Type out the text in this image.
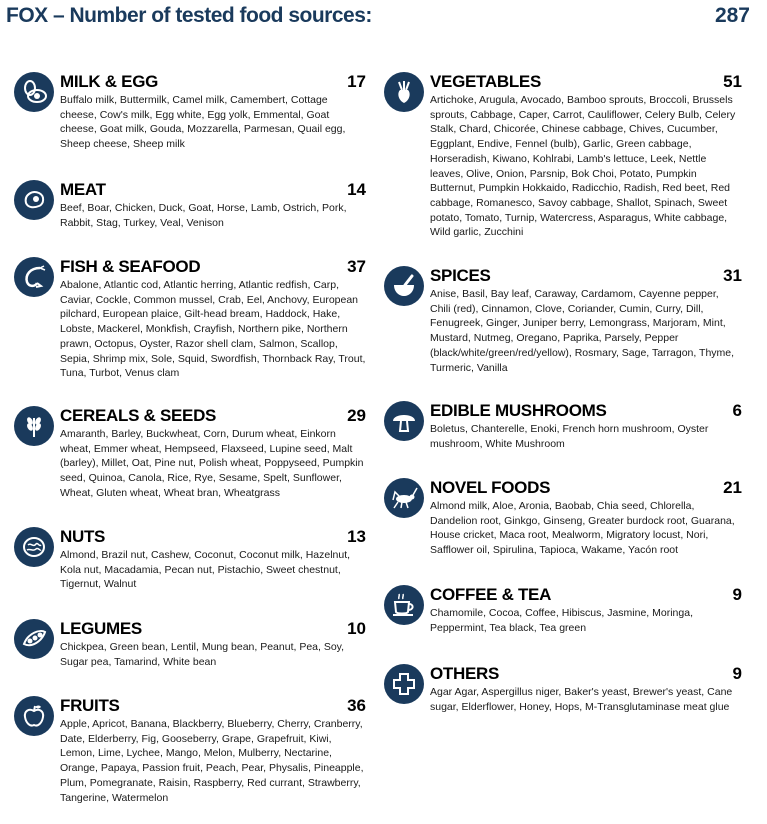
FOX – Number of tested food sources:	287
MILK & EGG	17
Buffalo milk, Buttermilk, Camel milk, Camembert, Cottage cheese, Cow's milk, Egg white, Egg yolk, Emmental, Goat cheese, Goat milk, Gouda, Mozzarella, Parmesan, Quail egg, Sheep cheese, Sheep milk
MEAT	14
Beef, Boar, Chicken, Duck, Goat, Horse, Lamb, Ostrich, Pork, Rabbit, Stag, Turkey, Veal, Venison
FISH & SEAFOOD	37
Abalone, Atlantic cod, Atlantic herring, Atlantic redfish, Carp, Caviar, Cockle, Common mussel, Crab, Eel, Anchovy, European pilchard, European plaice, Gilt-head bream, Haddock, Hake, Lobste, Mackerel, Monkfish, Crayfish, Northern pike, Northern prawn, Octopus, Oyster, Razor shell clam, Salmon, Scallop, Sepia, Shrimp mix, Sole, Squid, Swordfish, Thornback Ray, Trout, Tuna, Turbot, Venus clam
CEREALS & SEEDS	29
Amaranth, Barley, Buckwheat, Corn, Durum wheat, Einkorn wheat, Emmer wheat, Hempseed, Flaxseed, Lupine seed, Malt (barley), Millet, Oat, Pine nut, Polish wheat, Poppyseed, Pumpkin seed, Quinoa, Canola, Rice, Rye, Sesame, Spelt, Sunflower, Wheat, Gluten wheat, Wheat bran, Wheatgrass
NUTS	13
Almond, Brazil nut, Cashew, Coconut, Coconut milk, Hazelnut, Kola nut, Macadamia, Pecan nut, Pistachio, Sweet chestnut, Tigernut, Walnut
LEGUMES	10
Chickpea, Green bean, Lentil, Mung bean, Peanut, Pea, Soy, Sugar pea, Tamarind, White bean
FRUITS	36
Apple, Apricot, Banana, Blackberry, Blueberry, Cherry, Cranberry, Date, Elderberry, Fig, Gooseberry, Grape, Grapefruit, Kiwi, Lemon, Lime, Lychee, Mango, Melon, Mulberry, Nectarine, Orange, Papaya, Passion fruit, Peach, Pear, Physalis, Pineapple, Plum, Pomegranate, Raisin, Raspberry, Red currant, Strawberry, Tangerine, Watermelon
VEGETABLES	51
Artichoke, Arugula, Avocado, Bamboo sprouts, Broccoli, Brussels sprouts, Cabbage, Caper, Carrot, Cauliflower, Celery Bulb, Celery Stalk, Chard, Chicorée, Chinese cabbage, Chives, Cucumber, Eggplant, Endive, Fennel (bulb), Garlic, Green cabbage, Horseradish, Kiwano, Kohlrabi, Lamb's lettuce, Leek, Nettle leaves, Olive, Onion, Parsnip, Bok Choi, Potato, Pumpkin Butternut, Pumpkin Hokkaido, Radicchio, Radish, Red beet, Red cabbage, Romanesco, Savoy cabbage, Shallot, Spinach, Sweet potato, Tomato, Turnip, Watercress, Asparagus, White cabbage, Wild garlic, Zucchini
SPICES	31
Anise, Basil, Bay leaf, Caraway, Cardamom, Cayenne pepper, Chili (red), Cinnamon, Clove, Coriander, Cumin, Curry, Dill, Fenugreek, Ginger, Juniper berry, Lemongrass, Marjoram, Mint, Mustard, Nutmeg, Oregano, Paprika, Parsely, Pepper (black/white/green/red/yellow), Rosmary, Sage, Tarragon, Thyme, Turmeric, Vanilla
EDIBLE MUSHROOMS	6
Boletus, Chanterelle, Enoki, French horn mushroom, Oyster mushroom, White Mushroom
NOVEL FOODS	21
Almond milk, Aloe, Aronia, Baobab, Chia seed, Chlorella, Dandelion root, Ginkgo, Ginseng, Greater burdock root, Guarana, House cricket, Maca root, Mealworm, Migratory locust, Nori, Safflower oil, Spirulina, Tapioca, Wakame, Yacón root
COFFEE & TEA	9
Chamomile, Cocoa, Coffee, Hibiscus, Jasmine, Moringa, Peppermint, Tea black, Tea green
OTHERS	9
Agar Agar, Aspergillus niger, Baker's yeast, Brewer's yeast, Cane sugar, Elderflower, Honey, Hops, M-Transglutaminase meat glue
